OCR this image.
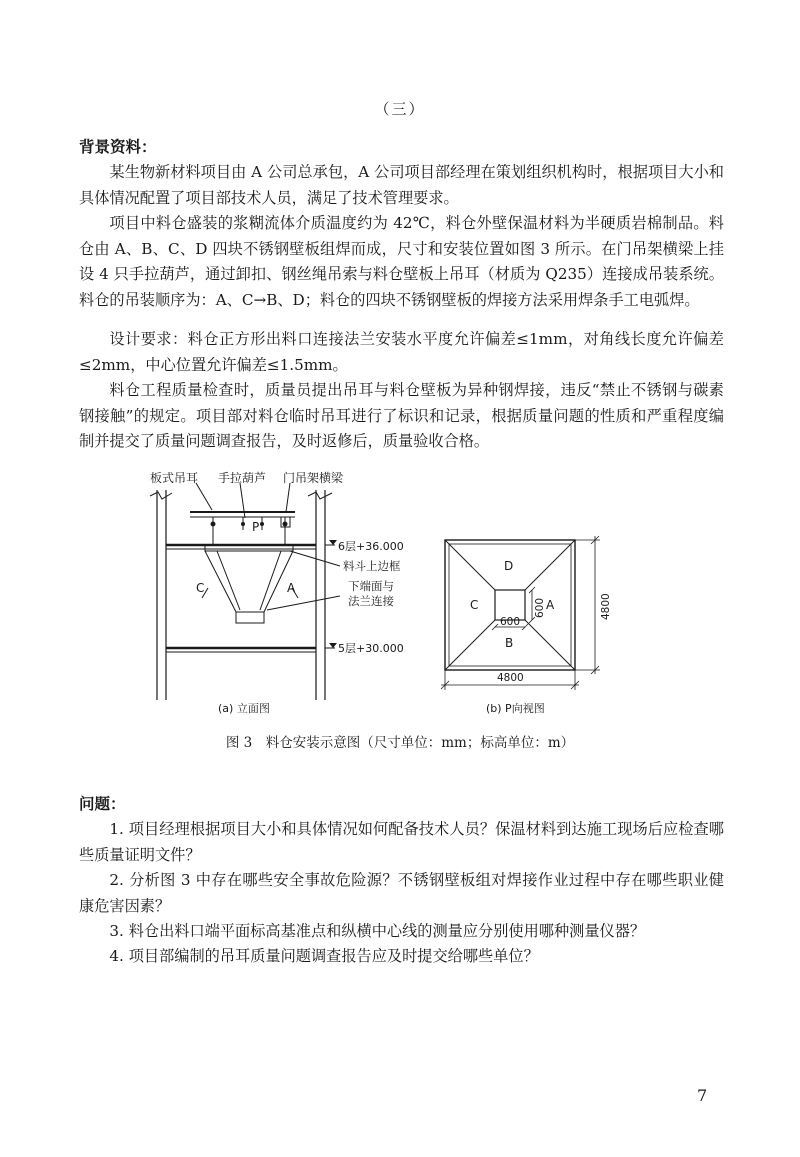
（三）
背景资料：

某生物新材料项目由 A 公司总承包，A 公司项目部经理在策划组织机构时，根据项目大小和具体情况配置了项目部技术人员，满足了技术管理要求。

项目中料仓盛装的浆糊流体介质温度约为 42℃，料仓外壁保温材料为半硬质岩棉制品。料仓由 A、B、C、D 四块不锈钢壁板组焊而成，尺寸和安装位置如图 3 所示。在门吊架横梁上挂设 4 只手拉葫芦，通过卸扣、钢丝绳吊索与料仓壁板上吊耳（材质为 Q235）连接成吊装系统。料仓的吊装顺序为：A、C→B、D；料仓的四块不锈钢壁板的焊接方法采用焊条手工电弧焊。

设计要求：料仓正方形出料口连接法兰安装水平度允许偏差≤1mm，对角线长度允许偏差≤2mm，中心位置允许偏差≤1.5mm。

料仓工程质量检查时，质量员提出吊耳与料仓壁板为异种钢焊接，违反“禁止不锈钢与碳素钢接触”的规定。项目部对料仓临时吊耳进行了标识和记录，根据质量问题的性质和严重程度编制并提交了质量问题调查报告，及时返修后，质量验收合格。

板式吊耳 手拉葫芦 门吊架横梁
P
C	A
6层+36.000
料斗上边框
下端面与
法兰连接
5层+30.000
(a) 立面图
D
C	A
B
600
600
4800
4800
(b) P向视图
图 3　料仓安装示意图（尺寸单位：mm；标高单位：m）
问题：

1. 项目经理根据项目大小和具体情况如何配备技术人员？保温材料到达施工现场后应检查哪些质量证明文件？

2. 分析图 3 中存在哪些安全事故危险源？不锈钢壁板组对焊接作业过程中存在哪些职业健康危害因素？

3. 料仓出料口端平面标高基准点和纵横中心线的测量应分别使用哪种测量仪器？

4. 项目部编制的吊耳质量问题调查报告应及时提交给哪些单位？

7
